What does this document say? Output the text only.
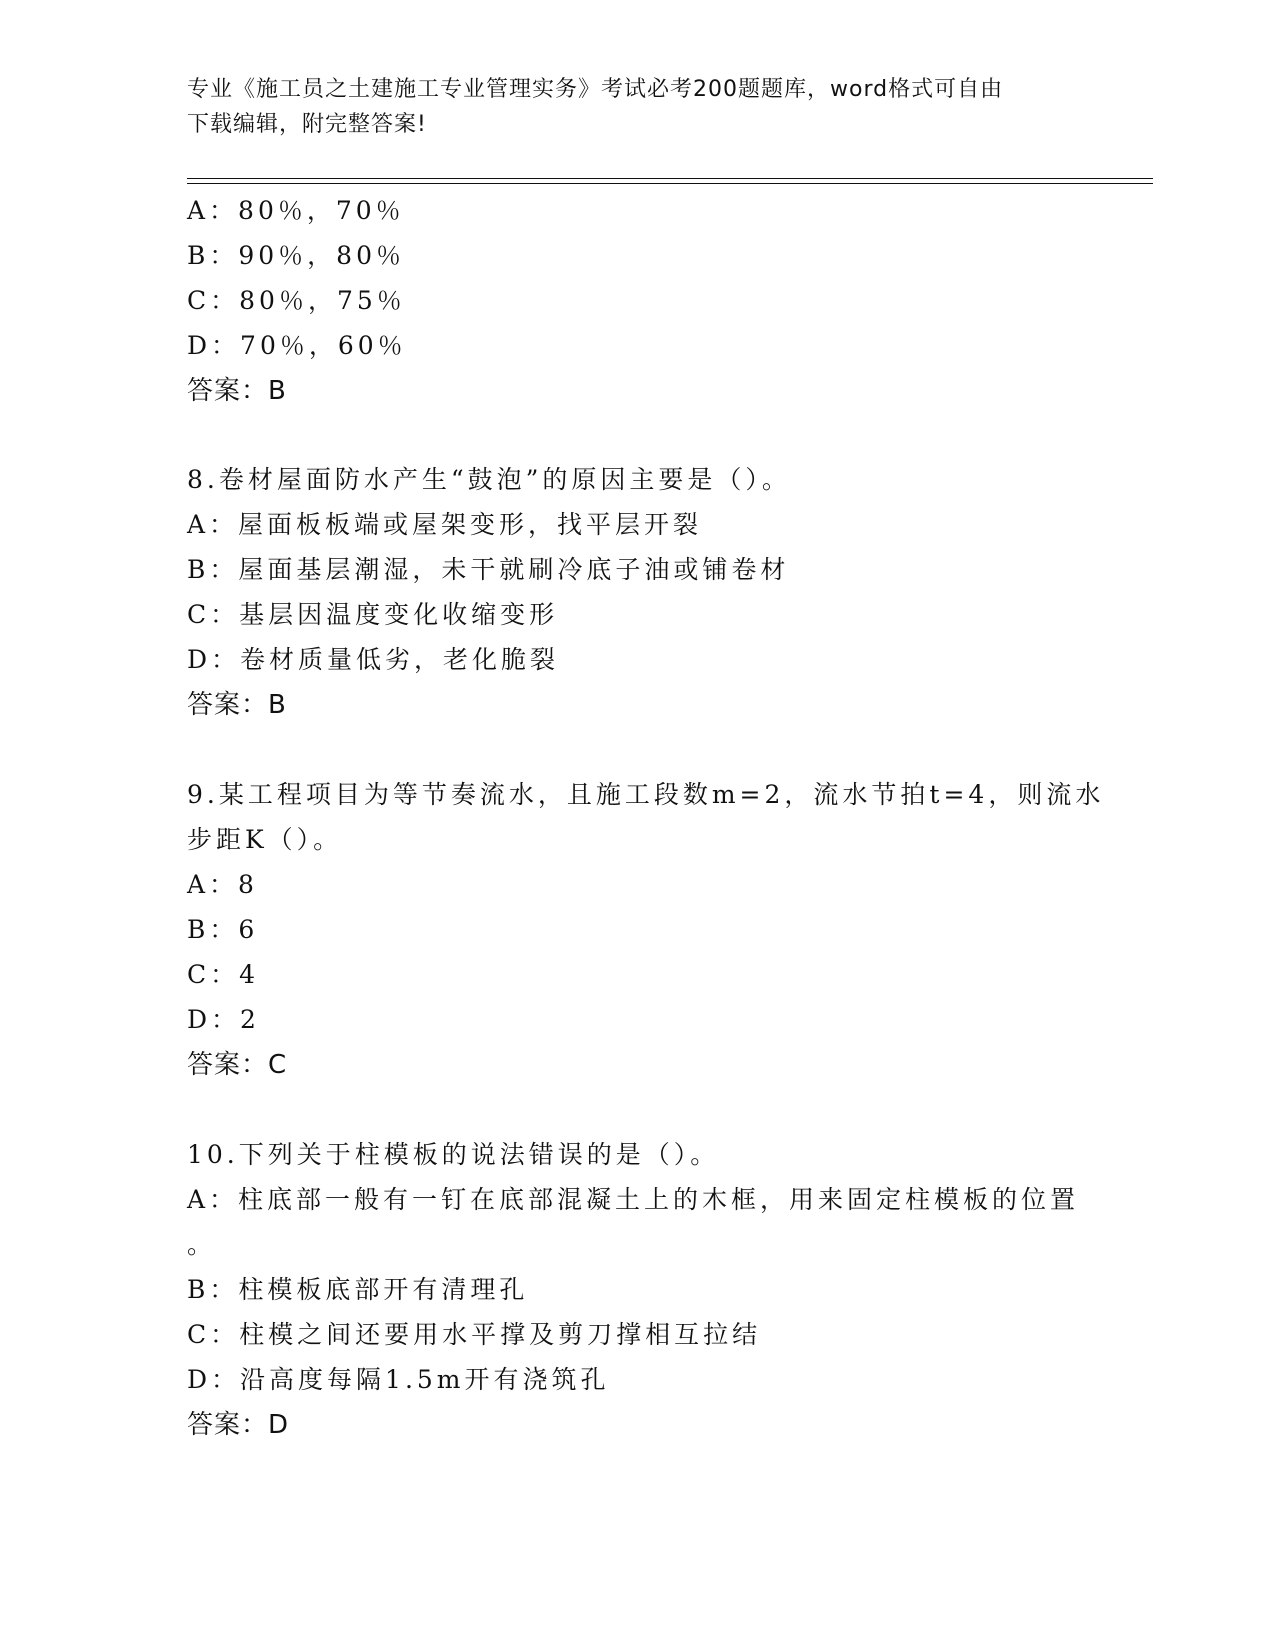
专业《施工员之土建施工专业管理实务》考试必考200题题库，word格式可自由
下载编辑，附完整答案!
A：80％，70％
B：90％，80％
C：80％，75％
D：70％，60％
答案：B
8.卷材屋面防水产生“鼓泡”的原因主要是（）。
A：屋面板板端或屋架变形，找平层开裂
B：屋面基层潮湿，未干就刷冷底子油或铺卷材
C：基层因温度变化收缩变形
D：卷材质量低劣，老化脆裂
答案：B
9.某工程项目为等节奏流水，且施工段数m=2，流水节拍t=4，则流水
步距K（）。
A：8
B：6
C：4
D：2
答案：C
10.下列关于柱模板的说法错误的是（）。
A：柱底部一般有一钉在底部混凝土上的木框，用来固定柱模板的位置
。
B：柱模板底部开有清理孔
C：柱模之间还要用水平撑及剪刀撑相互拉结
D：沿高度每隔1.5m开有浇筑孔
答案：D
